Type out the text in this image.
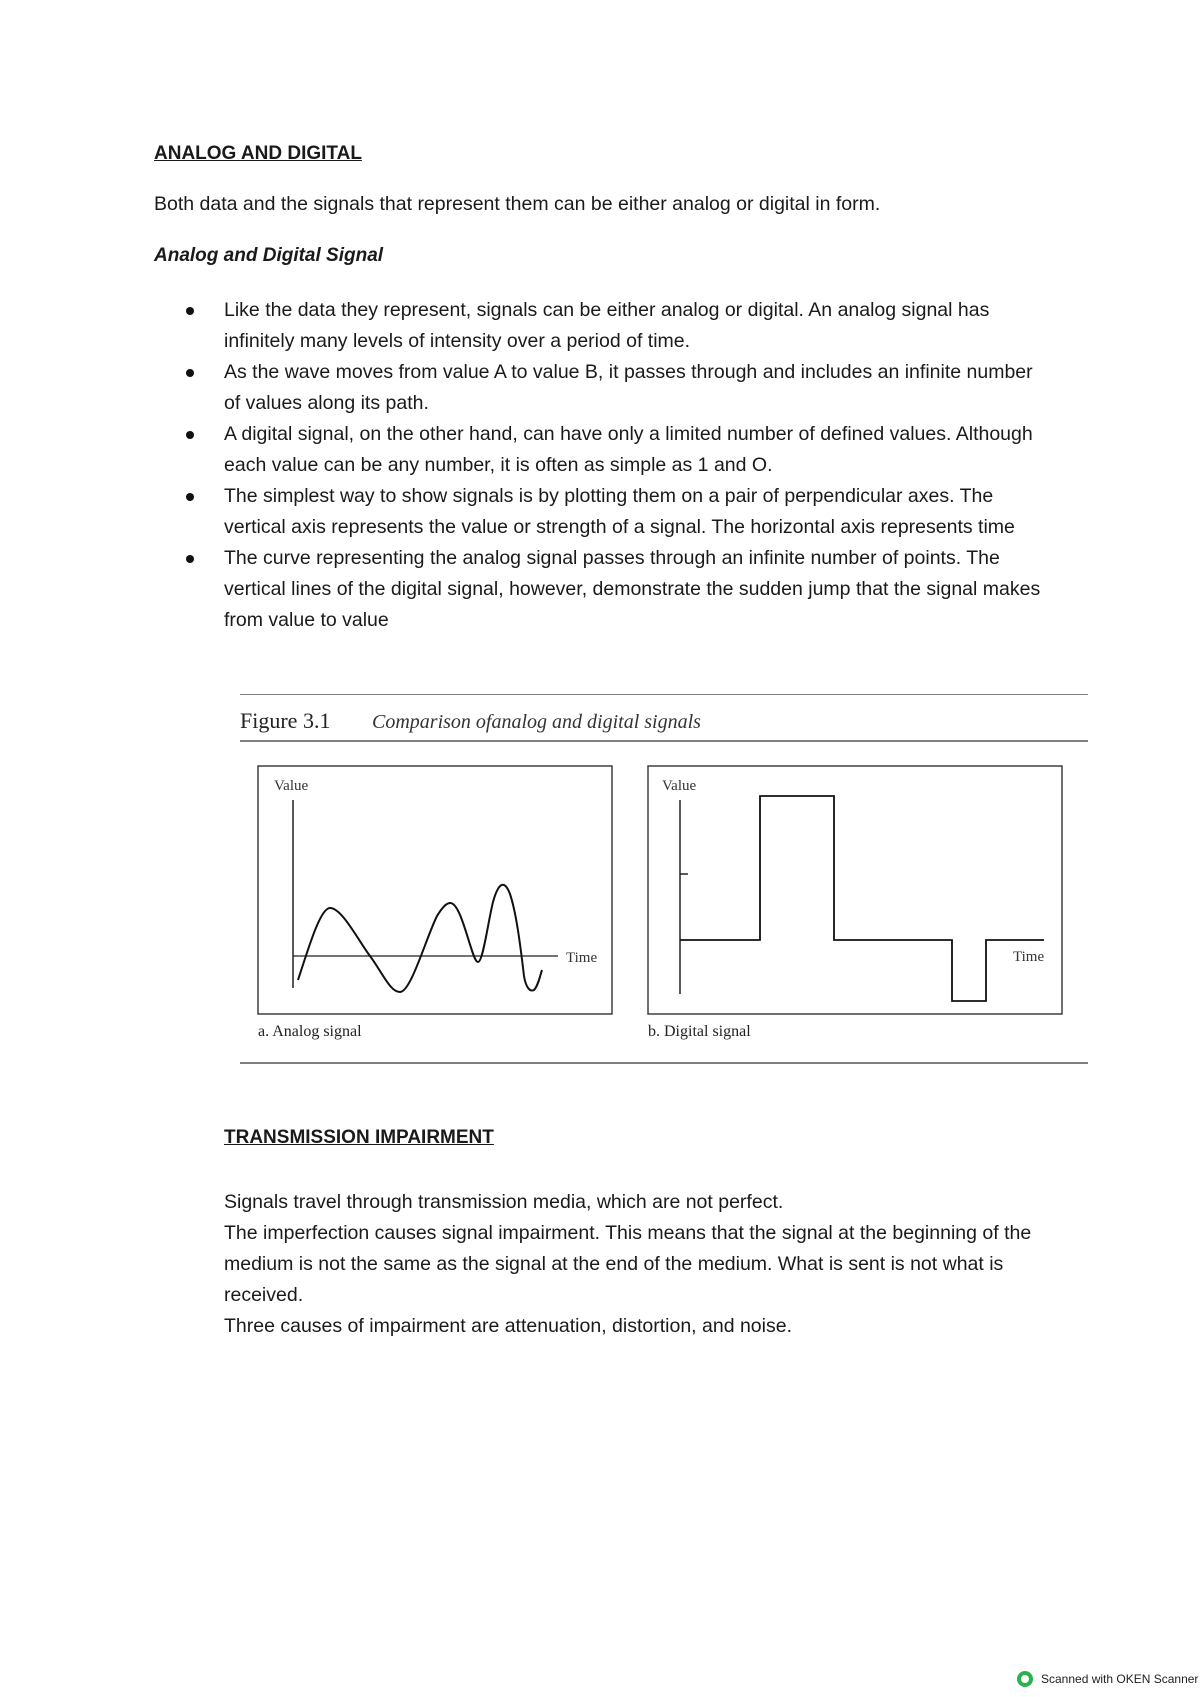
ANALOG AND DIGITAL

Both data and the signals that represent them can be either analog or digital in form.

Analog and Digital Signal
Like the data they represent, signals can be either analog or digital. An analog signal has infinitely many levels of intensity over a period of time.
As the wave moves from value A to value B, it passes through and includes an infinite number of values along its path.
A digital signal, on the other hand, can have only a limited number of defined values. Although each value can be any number, it is often as simple as 1 and O.
The simplest way to show signals is by plotting them on a pair of perpendicular axes. The vertical axis represents the value or strength of a signal. The horizontal axis represents time
The curve representing the analog signal passes through an infinite number of points. The vertical lines of the digital signal, however, demonstrate the sudden jump that the signal makes from value to value
Figure 3.1 Comparison ofanalog and digital signals
Value
Time
a. Analog signal
Value
Time
b. Digital signal
TRANSMISSION IMPAIRMENT

Signals travel through transmission media, which are not perfect.

The imperfection causes signal impairment. This means that the signal at the beginning of the medium is not the same as the signal at the end of the medium. What is sent is not what is received.

Three causes of impairment are attenuation, distortion, and noise.

Scanned with OKEN Scanner
